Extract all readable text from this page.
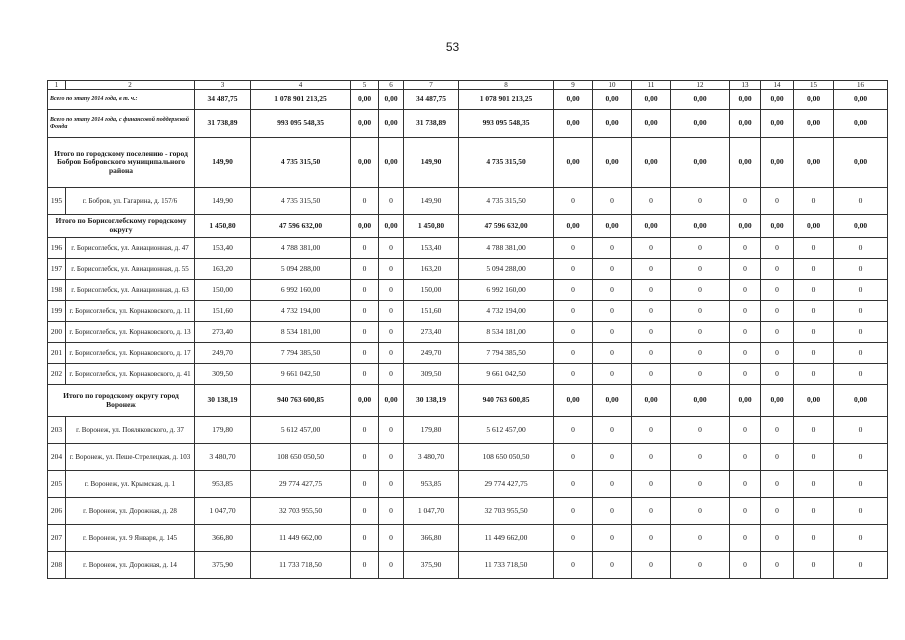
53
1	2	3	4	5	6	7	8	9	10	11	12	13	14	15	16
Всего по этапу 2014 года, в т. ч.:		34 487,75	1 078 901 213,25	0,00	0,00	34 487,75	1 078 901 213,25	0,00	0,00	0,00	0,00	0,00	0,00	0,00	0,00
Всего по этапу 2014 года, с финансовой поддержкой Фонда		31 738,89	993 095 548,35	0,00	0,00	31 738,89	993 095 548,35	0,00	0,00	0,00	0,00	0,00	0,00	0,00	0,00
Итого по городскому поселению - город Бобров Бобровского муниципального района		149,90	4 735 315,50	0,00	0,00	149,90	4 735 315,50	0,00	0,00	0,00	0,00	0,00	0,00	0,00	0,00
195	г. Бобров, ул. Гагарина, д. 157/6	149,90	4 735 315,50	0	0	149,90	4 735 315,50	0	0	0	0	0	0	0	0
Итого по Борисоглебскому городскому округу		1 450,80	47 596 632,00	0,00	0,00	1 450,80	47 596 632,00	0,00	0,00	0,00	0,00	0,00	0,00	0,00	0,00
196	г. Борисоглебск, ул. Авиационная, д. 47	153,40	4 788 381,00	0	0	153,40	4 788 381,00	0	0	0	0	0	0	0	0
197	г. Борисоглебск, ул. Авиационная, д. 55	163,20	5 094 288,00	0	0	163,20	5 094 288,00	0	0	0	0	0	0	0	0
198	г. Борисоглебск, ул. Авиационная, д. 63	150,00	6 992 160,00	0	0	150,00	6 992 160,00	0	0	0	0	0	0	0	0
199	г. Борисоглебск, ул. Корнаковского, д. 11	151,60	4 732 194,00	0	0	151,60	4 732 194,00	0	0	0	0	0	0	0	0
200	г. Борисоглебск, ул. Корнаковского, д. 13	273,40	8 534 181,00	0	0	273,40	8 534 181,00	0	0	0	0	0	0	0	0
201	г. Борисоглебск, ул. Корнаковского, д. 17	249,70	7 794 385,50	0	0	249,70	7 794 385,50	0	0	0	0	0	0	0	0
202	г. Борисоглебск, ул. Корнаковского, д. 41	309,50	9 661 042,50	0	0	309,50	9 661 042,50	0	0	0	0	0	0	0	0
Итого по городскому округу город Воронеж		30 138,19	940 763 600,85	0,00	0,00	30 138,19	940 763 600,85	0,00	0,00	0,00	0,00	0,00	0,00	0,00	0,00
203	г. Воронеж, ул. Пояляковского, д. 37	179,80	5 612 457,00	0	0	179,80	5 612 457,00	0	0	0	0	0	0	0	0
204	г. Воронеж, ул. Пеше-Стрелецкая, д. 103	3 480,70	108 650 050,50	0	0	3 480,70	108 650 050,50	0	0	0	0	0	0	0	0
205	г. Воронеж, ул. Крымская, д. 1	953,85	29 774 427,75	0	0	953,85	29 774 427,75	0	0	0	0	0	0	0	0
206	г. Воронеж, ул. Дорожная, д. 28	1 047,70	32 703 955,50	0	0	1 047,70	32 703 955,50	0	0	0	0	0	0	0	0
207	г. Воронеж, ул. 9 Января, д. 145	366,80	11 449 662,00	0	0	366,80	11 449 662,00	0	0	0	0	0	0	0	0
208	г. Воронеж, ул. Дорожная, д. 14	375,90	11 733 718,50	0	0	375,90	11 733 718,50	0	0	0	0	0	0	0	0
